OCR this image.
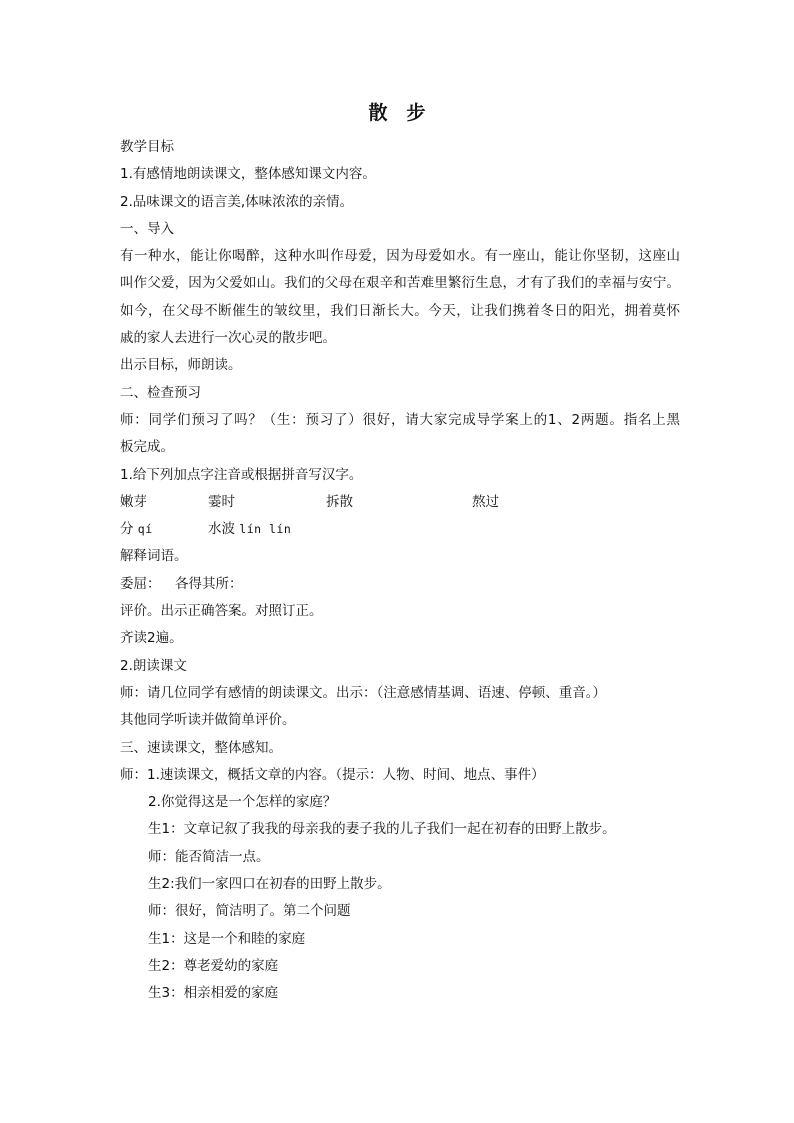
散　步
教学目标
1.有感情地朗读课文，整体感知课文内容。
2.品味课文的语言美,体味浓浓的亲情。
一、导入
有一种水，能让你喝醉，这种水叫作母爱，因为母爱如水。有一座山，能让你坚韧，这座山
叫作父爱，因为父爱如山。我们的父母在艰辛和苦难里繁衍生息，才有了我们的幸福与安宁。
如今，在父母不断催生的皱纹里，我们日渐长大。今天，让我们携着冬日的阳光，拥着莫怀
戚的家人去进行一次心灵的散步吧。
出示目标，师朗读。
二、检查预习
师：同学们预习了吗？（生：预习了）很好，请大家完成导学案上的1、2两题。指名上黑
板完成。
1.给下列加点字注音或根据拼音写汉字。
嫩芽	霎时	拆散	熬过
分 qí	水波 lín lín
解释词语。
委屈：	各得其所：
评价。出示正确答案。对照订正。
齐读2遍。
2.朗读课文
师：请几位同学有感情的朗读课文。出示：（注意感情基调、语速、停顿、重音。）
其他同学听读并做简单评价。
三、速读课文，整体感知。
师：1.速读课文，概括文章的内容。（提示：人物、时间、地点、事件）
2.你觉得这是一个怎样的家庭？
生1：文章记叙了我我的母亲我的妻子我的儿子我们一起在初春的田野上散步。
师：能否简洁一点。
生2:我们一家四口在初春的田野上散步。
师：很好，简洁明了。第二个问题
生1：这是一个和睦的家庭
生2：尊老爱幼的家庭
生3：相亲相爱的家庭
